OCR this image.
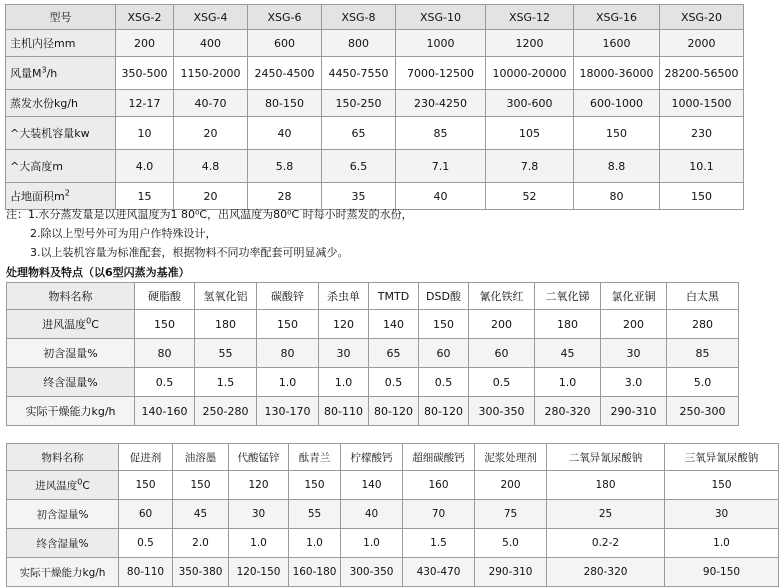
型号	XSG-2	XSG-4	XSG-6	XSG-8	XSG-10	XSG-12	XSG-16	XSG-20
主机内径mm	200	400	600	800	1000	1200	1600	2000
风量$M^3/h$	350-500	1150-2000	2450-4500	4450-7550	7000-12500	10000-20000	18000-36000	28200-56500
蒸发水份kg/h	12-17	40-70	80-150	150-250	230-4250	300-600	600-1000	1000-1500
^大装机容量kw	10	20	40	65	85	105	150	230
^大高度m	4.0	4.8	5.8	6.5	7.1	7.8	8.8	10.1
占地面积$m^2$	15	20	28	35	40	52	80	150
注：1.水分蒸发量是以进风温度为1 80⁰C，出风温度为80⁰C 时每小时蒸发的水份，
2.除以上型号外可为用户作特殊设计，
3.以上装机容量为标准配套，根据物料不同功率配套可明显减少。
处理物料及特点（以6型闪蒸为基准）
物料名称	硬脂酸	氢氧化铝	碳酸锌	杀虫单	TMTD	DSD酸	氰化铁红	二氧化锑	氯化亚铜	白太黑
进风温度$^0$C	150	180	150	120	140	150	200	180	200	280
初含湿量%	80	55	80	30	65	60	60	45	30	85
终含湿量%	0.5	1.5	1.0	1.0	0.5	0.5	0.5	1.0	3.0	5.0
实际干燥能力kg/h	140-160	250-280	130-170	80-110	80-120	80-120	300-350	280-320	290-310	250-300
物料名称	促进剂	油溶墨	代酸锰锌	酞青兰	柠檬酸钙	超细碳酸钙	泥浆处理剂	二氧异氰尿酸钠	三氧异氰尿酸钠
进风温度$^0$C	150	150	120	150	140	160	200	180	150
初含湿量%	60	45	30	55	40	70	75	25	30
终含湿量%	0.5	2.0	1.0	1.0	1.0	1.5	5.0	0.2-2	1.0
实际干燥能力kg/h	80-110	350-380	120-150	160-180	300-350	430-470	290-310	280-320	90-150
